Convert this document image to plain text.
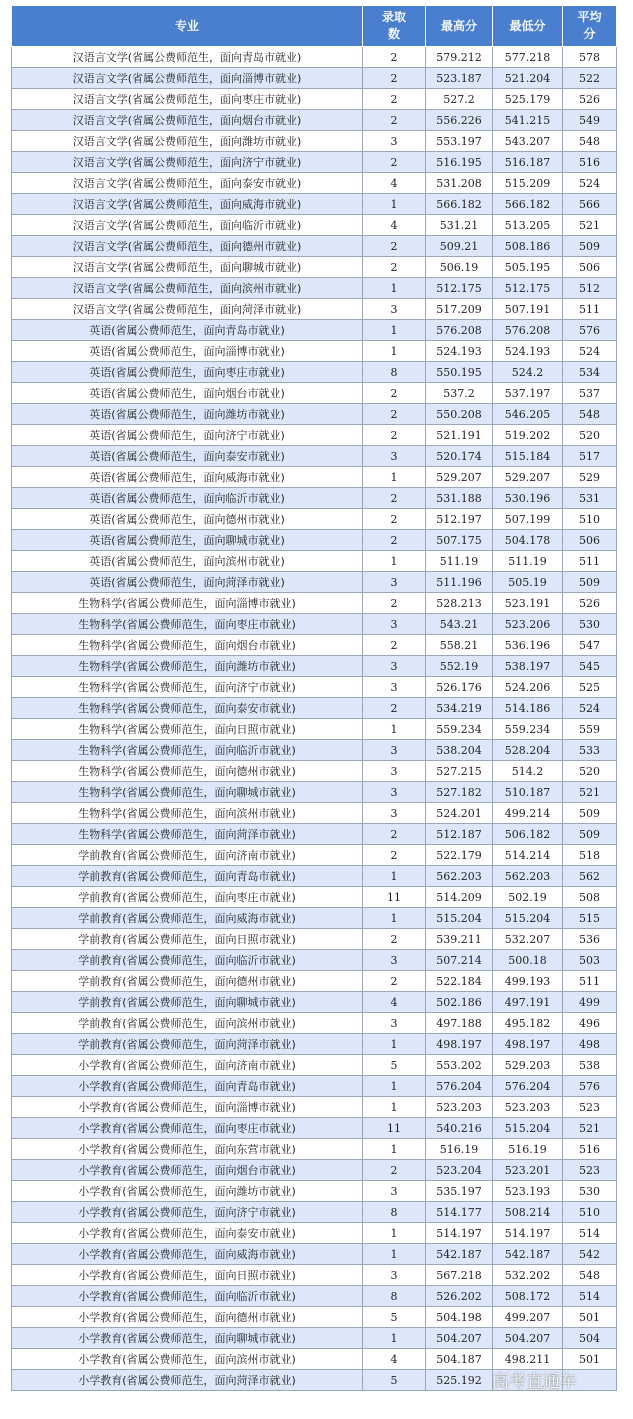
专业	录取数	最高分	最低分	平均分
汉语言文学(省属公费师范生，面向青岛市就业)	2	579.212	577.218	578
汉语言文学(省属公费师范生，面向淄博市就业)	2	523.187	521.204	522
汉语言文学(省属公费师范生，面向枣庄市就业)	2	527.2	525.179	526
汉语言文学(省属公费师范生，面向烟台市就业)	2	556.226	541.215	549
汉语言文学(省属公费师范生，面向潍坊市就业)	3	553.197	543.207	548
汉语言文学(省属公费师范生，面向济宁市就业)	2	516.195	516.187	516
汉语言文学(省属公费师范生，面向泰安市就业)	4	531.208	515.209	524
汉语言文学(省属公费师范生，面向威海市就业)	1	566.182	566.182	566
汉语言文学(省属公费师范生，面向临沂市就业)	4	531.21	513.205	521
汉语言文学(省属公费师范生，面向德州市就业)	2	509.21	508.186	509
汉语言文学(省属公费师范生，面向聊城市就业)	2	506.19	505.195	506
汉语言文学(省属公费师范生，面向滨州市就业)	1	512.175	512.175	512
汉语言文学(省属公费师范生，面向菏泽市就业)	3	517.209	507.191	511
英语(省属公费师范生，面向青岛市就业)	1	576.208	576.208	576
英语(省属公费师范生，面向淄博市就业)	1	524.193	524.193	524
英语(省属公费师范生，面向枣庄市就业)	8	550.195	524.2	534
英语(省属公费师范生，面向烟台市就业)	2	537.2	537.197	537
英语(省属公费师范生，面向潍坊市就业)	2	550.208	546.205	548
英语(省属公费师范生，面向济宁市就业)	2	521.191	519.202	520
英语(省属公费师范生，面向泰安市就业)	3	520.174	515.184	517
英语(省属公费师范生，面向威海市就业)	1	529.207	529.207	529
英语(省属公费师范生，面向临沂市就业)	2	531.188	530.196	531
英语(省属公费师范生，面向德州市就业)	2	512.197	507.199	510
英语(省属公费师范生，面向聊城市就业)	2	507.175	504.178	506
英语(省属公费师范生，面向滨州市就业)	1	511.19	511.19	511
英语(省属公费师范生，面向菏泽市就业)	3	511.196	505.19	509
生物科学(省属公费师范生，面向淄博市就业)	2	528.213	523.191	526
生物科学(省属公费师范生，面向枣庄市就业)	3	543.21	523.206	530
生物科学(省属公费师范生，面向烟台市就业)	2	558.21	536.196	547
生物科学(省属公费师范生，面向潍坊市就业)	3	552.19	538.197	545
生物科学(省属公费师范生，面向济宁市就业)	3	526.176	524.206	525
生物科学(省属公费师范生，面向泰安市就业)	2	534.219	514.186	524
生物科学(省属公费师范生，面向日照市就业)	1	559.234	559.234	559
生物科学(省属公费师范生，面向临沂市就业)	3	538.204	528.204	533
生物科学(省属公费师范生，面向德州市就业)	3	527.215	514.2	520
生物科学(省属公费师范生，面向聊城市就业)	3	527.182	510.187	521
生物科学(省属公费师范生，面向滨州市就业)	3	524.201	499.214	509
生物科学(省属公费师范生，面向菏泽市就业)	2	512.187	506.182	509
学前教育(省属公费师范生，面向济南市就业)	2	522.179	514.214	518
学前教育(省属公费师范生，面向青岛市就业)	1	562.203	562.203	562
学前教育(省属公费师范生，面向枣庄市就业)	11	514.209	502.19	508
学前教育(省属公费师范生，面向威海市就业)	1	515.204	515.204	515
学前教育(省属公费师范生，面向日照市就业)	2	539.211	532.207	536
学前教育(省属公费师范生，面向临沂市就业)	3	507.214	500.18	503
学前教育(省属公费师范生，面向德州市就业)	2	522.184	499.193	511
学前教育(省属公费师范生，面向聊城市就业)	4	502.186	497.191	499
学前教育(省属公费师范生，面向滨州市就业)	3	497.188	495.182	496
学前教育(省属公费师范生，面向菏泽市就业)	1	498.197	498.197	498
小学教育(省属公费师范生，面向济南市就业)	5	553.202	529.203	538
小学教育(省属公费师范生，面向青岛市就业)	1	576.204	576.204	576
小学教育(省属公费师范生，面向淄博市就业)	1	523.203	523.203	523
小学教育(省属公费师范生，面向枣庄市就业)	11	540.216	515.204	521
小学教育(省属公费师范生，面向东营市就业)	1	516.19	516.19	516
小学教育(省属公费师范生，面向烟台市就业)	2	523.204	523.201	523
小学教育(省属公费师范生，面向潍坊市就业)	3	535.197	523.193	530
小学教育(省属公费师范生，面向济宁市就业)	8	514.177	508.214	510
小学教育(省属公费师范生，面向泰安市就业)	1	514.197	514.197	514
小学教育(省属公费师范生，面向威海市就业)	1	542.187	542.187	542
小学教育(省属公费师范生，面向日照市就业)	3	567.218	532.202	548
小学教育(省属公费师范生，面向临沂市就业)	8	526.202	508.172	514
小学教育(省属公费师范生，面向德州市就业)	5	504.198	499.207	501
小学教育(省属公费师范生，面向聊城市就业)	1	504.207	504.207	504
小学教育(省属公费师范生，面向滨州市就业)	4	504.187	498.211	501
小学教育(省属公费师范生，面向菏泽市就业)	5	525.192		高考直通车
